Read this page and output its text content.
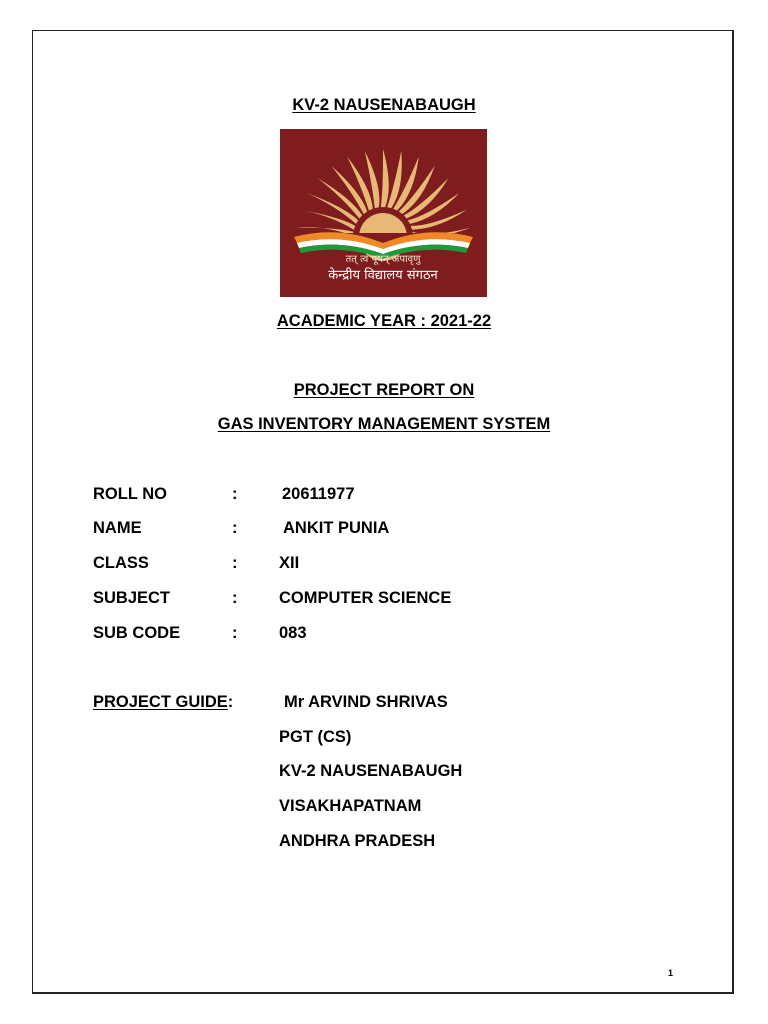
KV-2 NAUSENABAUGH
तत् त्वं पूषन् अपावृणु
केन्द्रीय विद्यालय संगठन
ACADEMIC YEAR : 2021-22
PROJECT REPORT ON
GAS INVENTORY MANAGEMENT SYSTEM
ROLL NO	:	20611977
NAME	:	ANKIT PUNIA
CLASS	:	XII
SUBJECT	:	COMPUTER SCIENCE
SUB CODE	:	083
PROJECT GUIDE:	Mr ARVIND SHRIVAS
PGT (CS)
KV-2 NAUSENABAUGH
VISAKHAPATNAM
ANDHRA PRADESH
1
